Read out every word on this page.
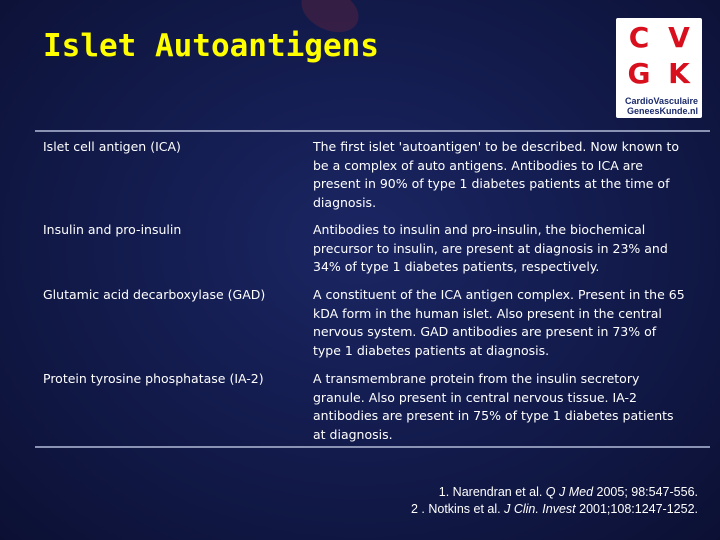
Islet Autoantigens	C V
G K
CardioVasculaire
GeneesKunde.nl
Islet cell antigen (ICA)	The first islet 'autoantigen' to be described. Now known to be a complex of auto antigens. Antibodies to ICA are present in 90% of type 1 diabetes patients at the time of diagnosis.
Insulin and pro-insulin	Antibodies to insulin and pro-insulin, the biochemical precursor to insulin, are present at diagnosis in 23% and 34% of type 1 diabetes patients, respectively.
Glutamic acid decarboxylase (GAD)	A constituent of the ICA antigen complex. Present in the 65 kDA form in the human islet. Also present in the central nervous system. GAD antibodies are present in 73% of type 1 diabetes patients at diagnosis.
Protein tyrosine phosphatase (IA-2)	A transmembrane protein from the insulin secretory granule. Also present in central nervous tissue. IA-2 antibodies are present in 75% of type 1 diabetes patients at diagnosis.
1. Narendran et al. Q J Med 2005; 98:547-556.
2 . Notkins et al. J Clin. Invest 2001;108:1247-1252.
